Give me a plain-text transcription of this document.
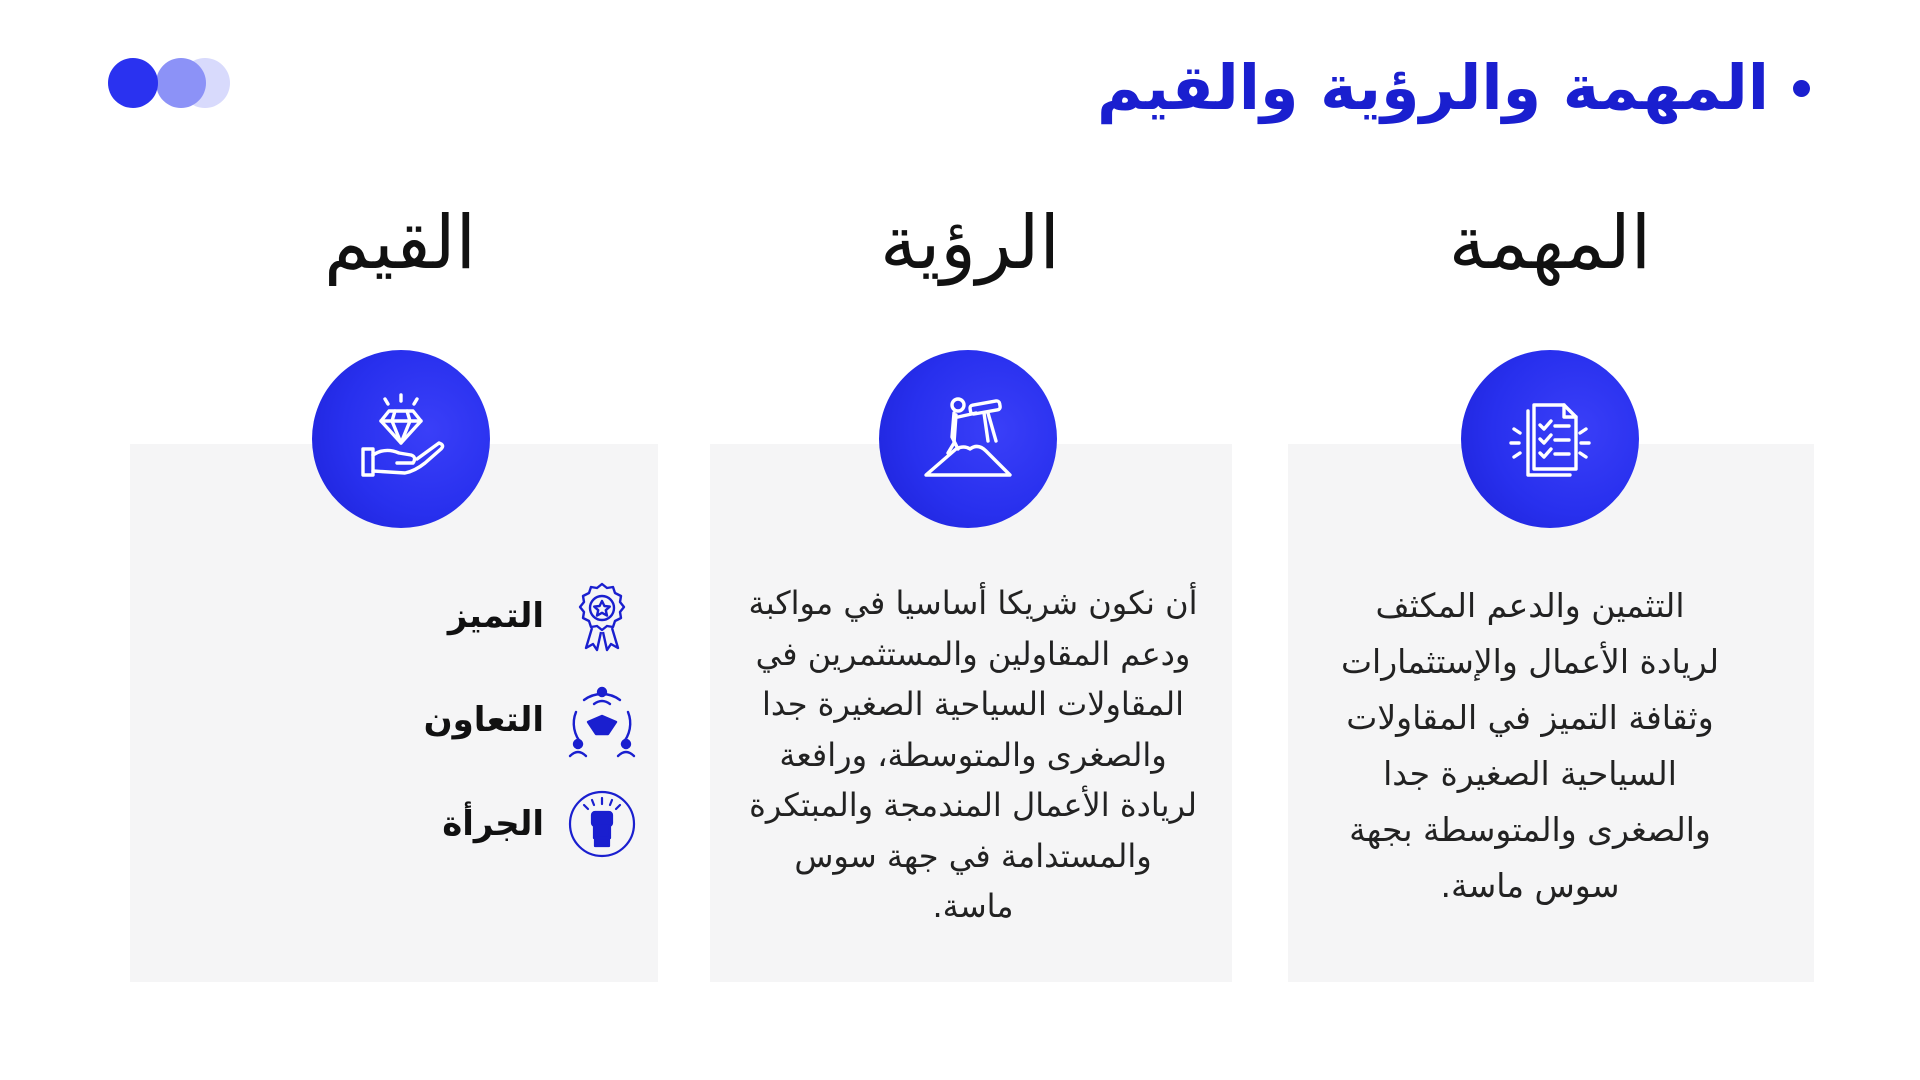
المهمة والرؤية والقيم
المهمة
الرؤية
القيم
التثمين والدعم المكثف
لريادة الأعمال والإستثمارات
وثقافة التميز في المقاولات
السياحية الصغيرة جدا
والصغرى والمتوسطة بجهة
سوس ماسة.
أن نكون شريكا أساسيا في مواكبة
ودعم المقاولين والمستثمرين في
المقاولات السياحية الصغيرة جدا
والصغرى والمتوسطة، ورافعة
لريادة الأعمال المندمجة والمبتكرة
والمستدامة في جهة سوس
ماسة.
التميز
التعاون
الجرأة
